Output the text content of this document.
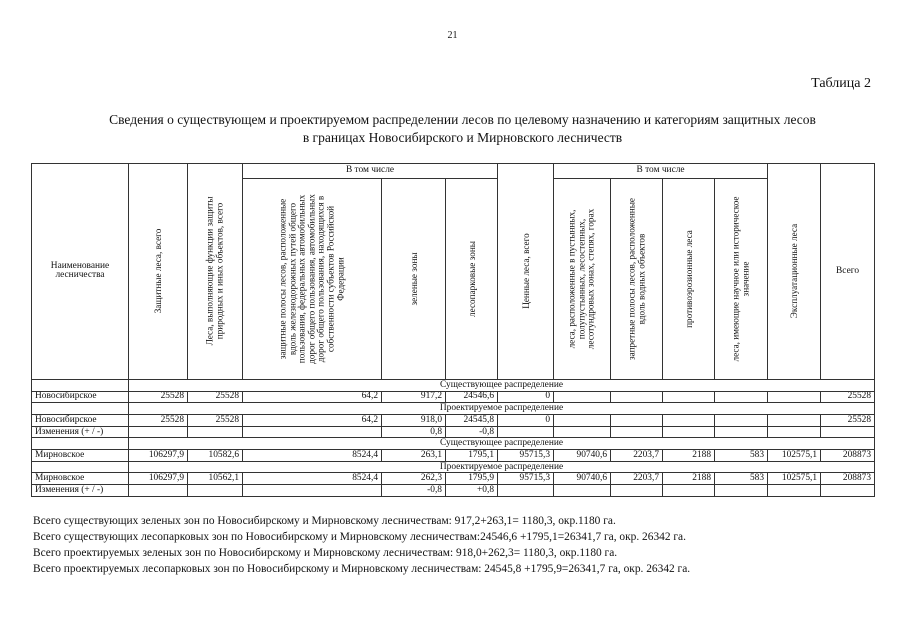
21
Таблица 2
Сведения о существующем и проектируемом распределении лесов по целевому назначению и категориям защитных лесов
в границах Новосибирского и Мирновского лесничеств
Наименование лесничества	Защитные леса, всего	Леса, выполняющие функции защиты природных и иных объектов, всего	В том числе			Ценные леса, всего	В том числе				Эксплуатационные леса	Всего

			защитные полосы лесов, расположенные вдоль железнодорожных путей общего пользования, федеральных автомобильных дорог общего пользования, автомобильных дорог общего пользования, находящихся в собственности субъектов Российской Федерации	зеленые зоны	лесопарковые зоны		леса, расположенные в пустынных, полупустынных, лесостепных, лесотундровых зонах, степях, горах	запретные полосы лесов, расположенные вдоль водных объектов	противоэрозионные леса	леса, имеющие научное или историческое значение		

	Существующее распределение											
Новосибирское	25528	25528	64,2	917,2	24546,6	0						25528
	Проектируемое распределение											
Новосибирское	25528	25528	64,2	918,0	24545,8	0						25528
Изменения (+ / -)				0,8	-0,8							
	Существующее распределение											
Мирновское	106297,9	10582,6	8524,4	263,1	1795,1	95715,3	90740,6	2203,7	2188	583	102575,1	208873
	Проектируемое распределение											
Мирновское	106297,9	10562,1	8524,4	262,3	1795,9	95715,3	90740,6	2203,7	2188	583	102575,1	208873
Изменения (+ / -)				-0,8	+0,8							
Всего существующих зеленых зон по Новосибирскому и Мирновскому лесничествам: 917,2+263,1= 1180,3, окр.1180 га.
Всего существующих лесопарковых зон по Новосибирскому и Мирновскому лесничествам:24546,6 +1795,1=26341,7 га, окр. 26342 га.
Всего проектируемых зеленых зон по Новосибирскому и Мирновскому лесничествам: 918,0+262,3= 1180,3, окр.1180 га.
Всего проектируемых лесопарковых зон по Новосибирскому и Мирновскому лесничествам: 24545,8 +1795,9=26341,7 га, окр. 26342 га.
